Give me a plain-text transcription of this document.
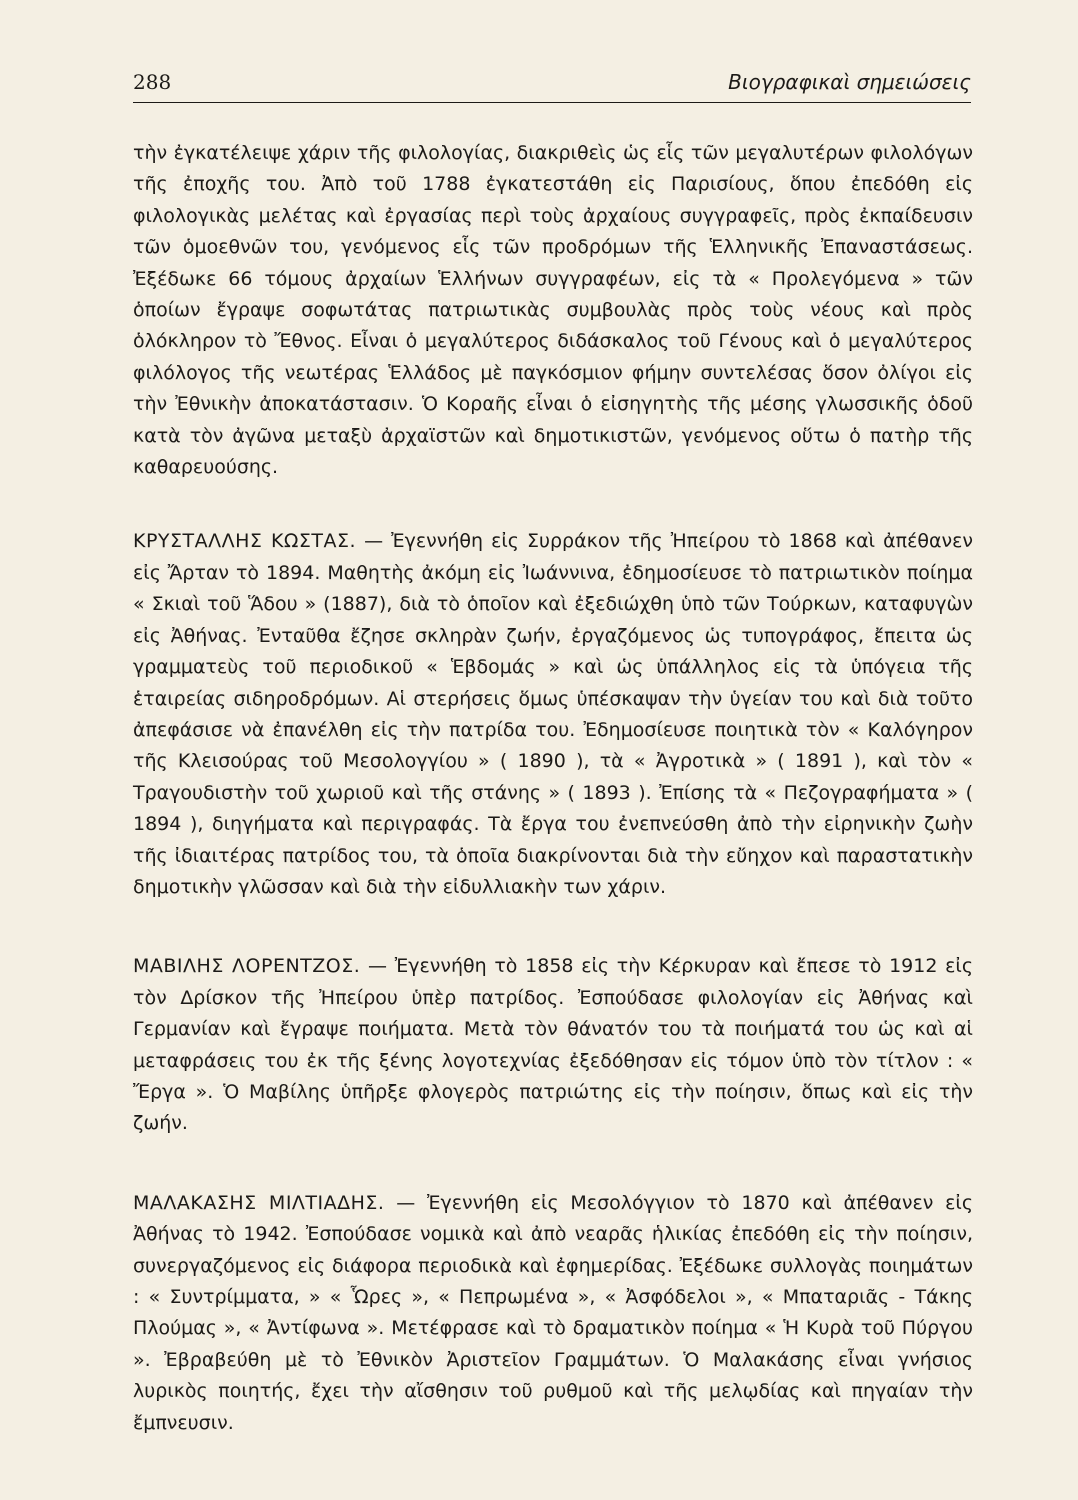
288	Βιογραφικαὶ σημειώσεις

τὴν ἐγκατέλειψε χάριν τῆς φιλολογίας, διακριθεὶς ὡς εἷς τῶν μεγαλυτέρων φιλολόγων τῆς ἐποχῆς του. Ἀπὸ τοῦ 1788 ἐγκατεστάθη εἰς Παρισίους, ὅπου ἐπεδόθη εἰς φιλολογικὰς μελέτας καὶ ἐργασίας περὶ τοὺς ἀρχαίους συγγραφεῖς, πρὸς ἐκπαίδευσιν τῶν ὁμοεθνῶν του, γενόμενος εἷς τῶν προδρόμων τῆς Ἑλληνικῆς Ἐπαναστάσεως. Ἐξέδωκε 66 τόμους ἀρχαίων Ἑλλήνων συγγραφέων, εἰς τὰ « Προλεγόμενα » τῶν ὁποίων ἔγραψε σοφωτάτας πατριωτικὰς συμβουλὰς πρὸς τοὺς νέους καὶ πρὸς ὁλόκληρον τὸ Ἔθνος. Εἶναι ὁ μεγαλύτερος διδάσκαλος τοῦ Γένους καὶ ὁ μεγαλύτερος φιλόλογος τῆς νεωτέρας Ἑλλάδος μὲ παγκόσμιον φήμην συντελέσας ὅσον ὀλίγοι εἰς τὴν Ἐθνικὴν ἀποκατάστασιν. Ὁ Κοραῆς εἶναι ὁ εἰσηγητὴς τῆς μέσης γλωσσικῆς ὁδοῦ κατὰ τὸν ἀγῶνα μεταξὺ ἀρχαϊστῶν καὶ δημοτικιστῶν, γενόμενος οὕτω ὁ πατὴρ τῆς καθαρευούσης.

ΚΡΥΣΤΑΛΛΗΣ ΚΩΣΤΑΣ. — Ἐγεννήθη εἰς Συρράκον τῆς Ἠπείρου τὸ 1868 καὶ ἀπέθανεν εἰς Ἄρταν τὸ 1894. Μαθητὴς ἀκόμη εἰς Ἰωάννινα, ἐδημοσίευσε τὸ πατριωτικὸν ποίημα « Σκιαὶ τοῦ Ἅδου » (1887), διὰ τὸ ὁποῖον καὶ ἐξεδιώχθη ὑπὸ τῶν Τούρκων, καταφυγὼν εἰς Ἀθήνας. Ἐνταῦθα ἔζησε σκληρὰν ζωήν, ἐργαζόμενος ὡς τυπογράφος, ἔπειτα ὡς γραμματεὺς τοῦ περιοδικοῦ « Ἑβδομάς » καὶ ὡς ὑπάλληλος εἰς τὰ ὑπόγεια τῆς ἑταιρείας σιδηροδρόμων. Αἱ στερήσεις ὅμως ὑπέσκαψαν τὴν ὑγείαν του καὶ διὰ τοῦτο ἀπεφάσισε νὰ ἐπανέλθη εἰς τὴν πατρίδα του. Ἐδημοσίευσε ποιητικὰ τὸν « Καλόγηρον τῆς Κλεισούρας τοῦ Μεσολογγίου » ( 1890 ), τὰ « Ἀγροτικὰ » ( 1891 ), καὶ τὸν « Τραγουδιστὴν τοῦ χωριοῦ καὶ τῆς στάνης » ( 1893 ). Ἐπίσης τὰ « Πεζογραφήματα » ( 1894 ), διηγήματα καὶ περιγραφάς. Τὰ ἔργα του ἐνεπνεύσθη ἀπὸ τὴν εἰρηνικὴν ζωὴν τῆς ἰδιαιτέρας πατρίδος του, τὰ ὁποῖα διακρίνονται διὰ τὴν εὔηχον καὶ παραστατικὴν δημοτικὴν γλῶσσαν καὶ διὰ τὴν εἰδυλλιακὴν των χάριν.

ΜΑΒΙΛΗΣ ΛΟΡΕΝΤΖΟΣ. — Ἐγεννήθη τὸ 1858 εἰς τὴν Κέρκυραν καὶ ἔπεσε τὸ 1912 εἰς τὸν Δρίσκον τῆς Ἠπείρου ὑπὲρ πατρίδος. Ἐσπούδασε φιλολογίαν εἰς Ἀθήνας καὶ Γερμανίαν καὶ ἔγραψε ποιήματα. Μετὰ τὸν θάνατόν του τὰ ποιήματά του ὡς καὶ αἱ μεταφράσεις του ἐκ τῆς ξένης λογοτεχνίας ἐξεδόθησαν εἰς τόμον ὑπὸ τὸν τίτλον : « Ἔργα ». Ὁ Μαβίλης ὑπῆρξε φλογερὸς πατριώτης εἰς τὴν ποίησιν, ὅπως καὶ εἰς τὴν ζωήν.

ΜΑΛΑΚΑΣΗΣ ΜΙΛΤΙΑΔΗΣ. — Ἐγεννήθη εἰς Μεσολόγγιον τὸ 1870 καὶ ἀπέθανεν εἰς Ἀθήνας τὸ 1942. Ἐσπούδασε νομικὰ καὶ ἀπὸ νεαρᾶς ἡλικίας ἐπεδόθη εἰς τὴν ποίησιν, συνεργαζόμενος εἰς διάφορα περιοδικὰ καὶ ἐφημερίδας. Ἐξέδωκε συλλογὰς ποιημάτων : « Συντρίμματα, » « Ὧρες », « Πεπρωμένα », « Ἀσφόδελοι », « Μπαταριᾶς - Τάκης Πλούμας », « Ἀντίφωνα ». Μετέφρασε καὶ τὸ δραματικὸν ποίημα « Ἡ Κυρὰ τοῦ Πύργου ». Ἐβραβεύθη μὲ τὸ Ἐθνικὸν Ἀριστεῖον Γραμμάτων. Ὁ Μαλακάσης εἶναι γνήσιος λυρικὸς ποιητής, ἔχει τὴν αἴσθησιν τοῦ ρυθμοῦ καὶ τῆς μελῳδίας καὶ πηγαίαν τὴν ἔμπνευσιν.
